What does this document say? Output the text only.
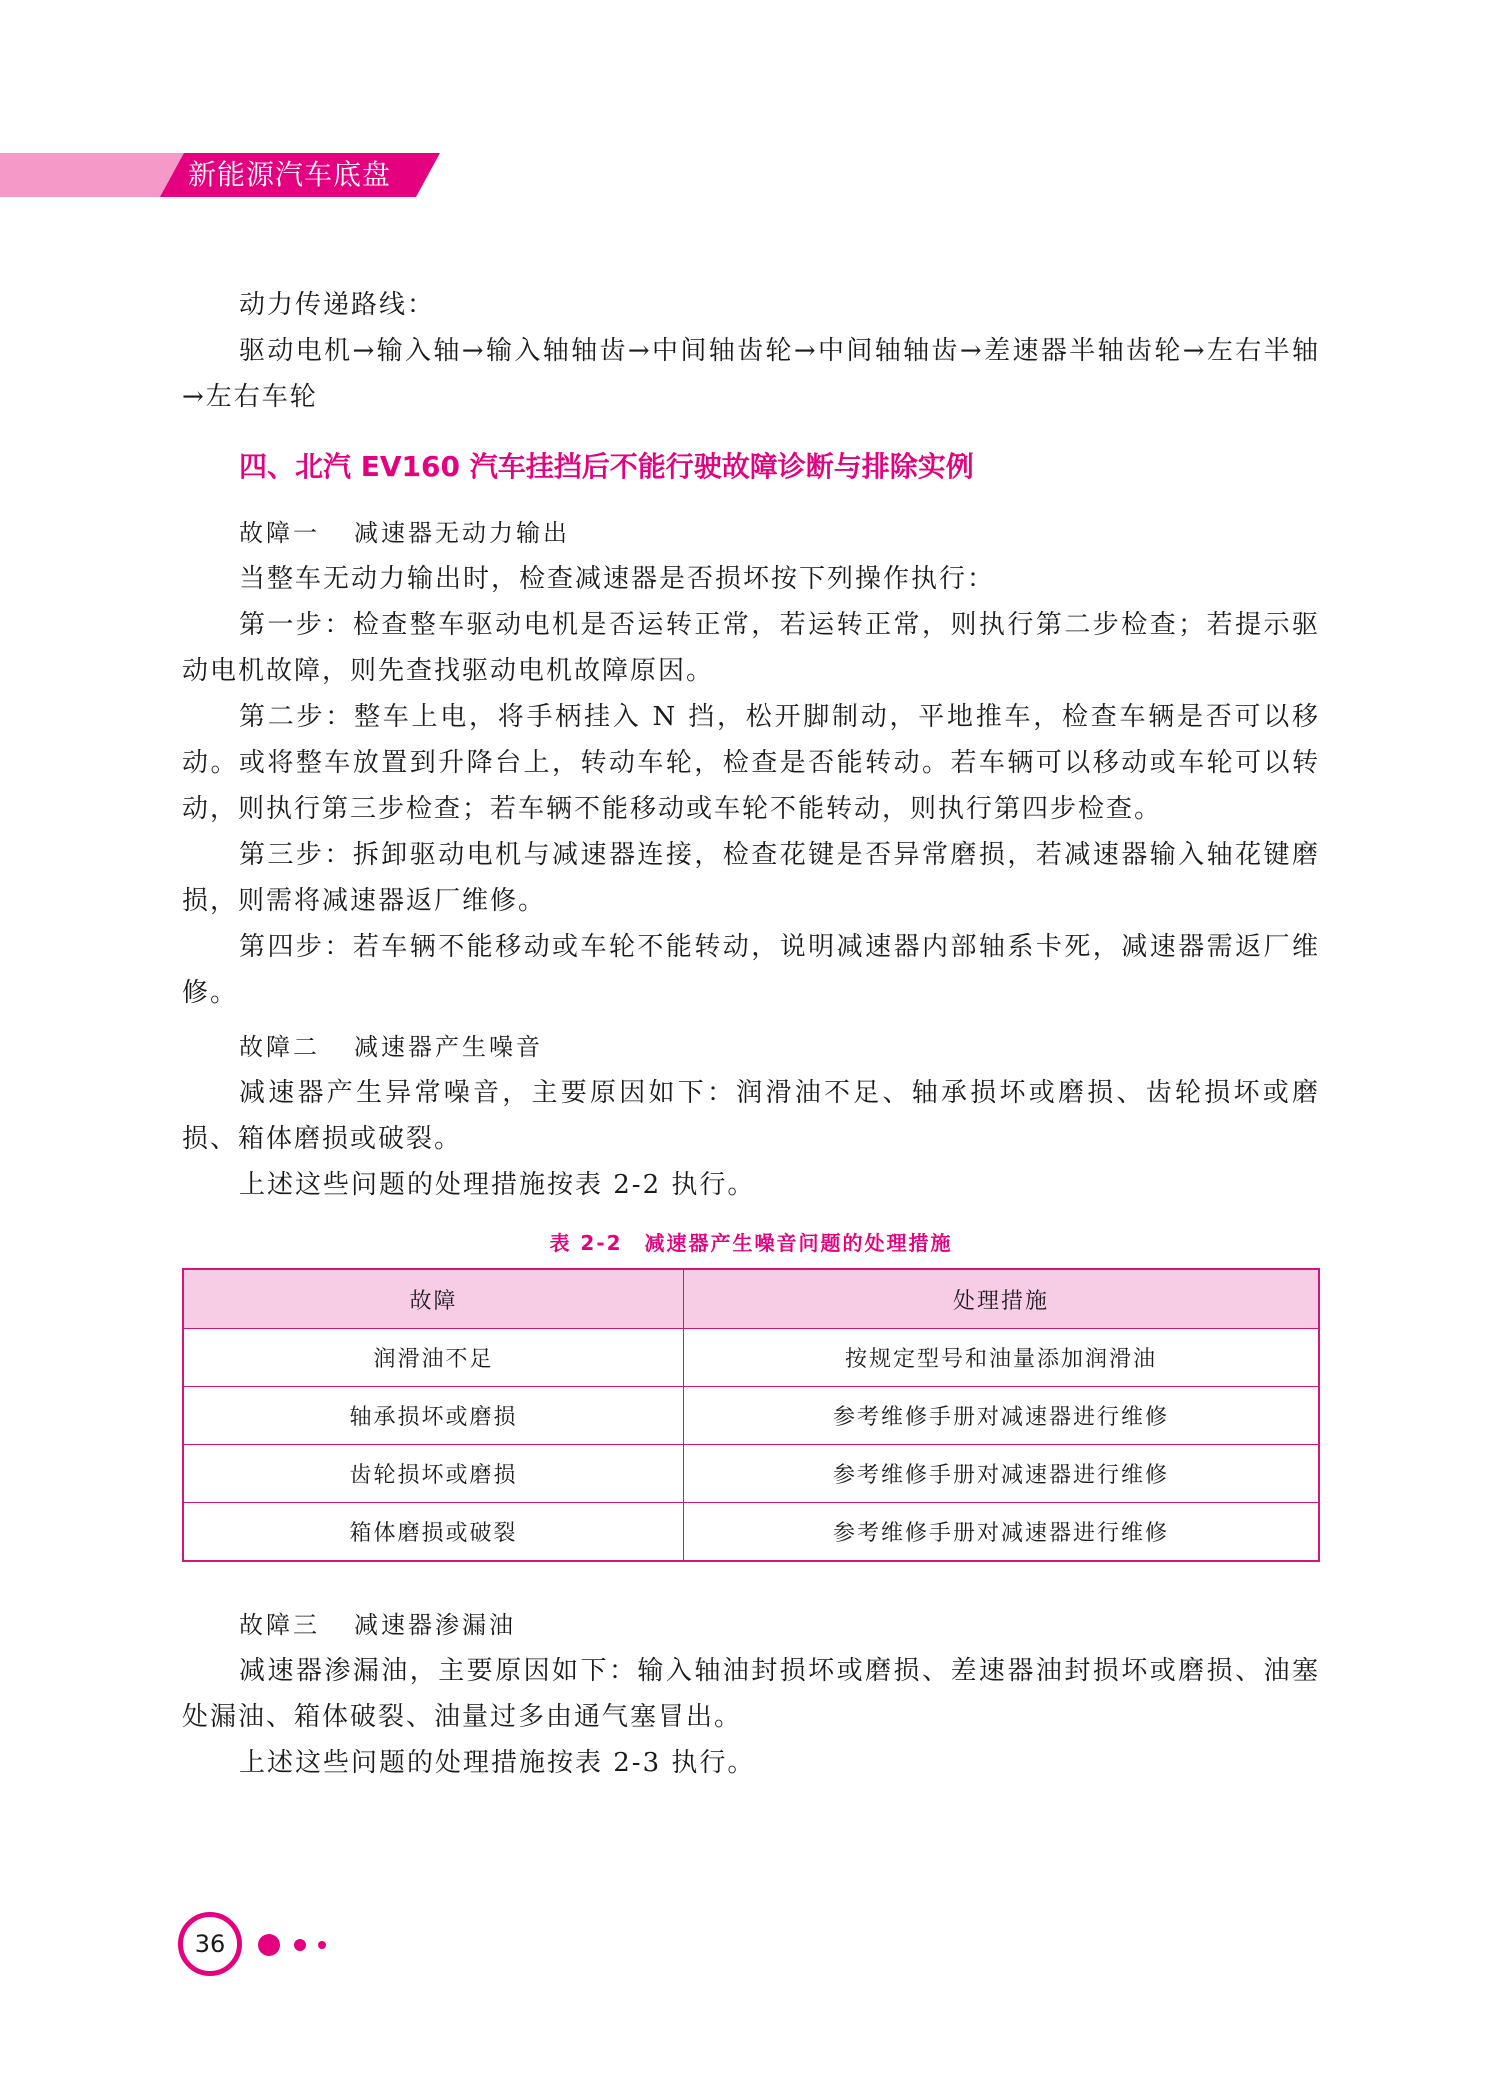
新能源汽车底盘

动力传递路线：

驱动电机→输入轴→输入轴轴齿→中间轴齿轮→中间轴轴齿→差速器半轴齿轮→左右半轴→左右车轮

四、北汽 EV160 汽车挂挡后不能行驶故障诊断与排除实例
故障一 减速器无动力输出

当整车无动力输出时，检查减速器是否损坏按下列操作执行：

第一步：检查整车驱动电机是否运转正常，若运转正常，则执行第二步检查；若提示驱动电机故障，则先查找驱动电机故障原因。

第二步：整车上电，将手柄挂入 N 挡，松开脚制动，平地推车，检查车辆是否可以移动。或将整车放置到升降台上，转动车轮，检查是否能转动。若车辆可以移动或车轮可以转动，则执行第三步检查；若车辆不能移动或车轮不能转动，则执行第四步检查。

第三步：拆卸驱动电机与减速器连接，检查花键是否异常磨损，若减速器输入轴花键磨损，则需将减速器返厂维修。

第四步：若车辆不能移动或车轮不能转动，说明减速器内部轴系卡死，减速器需返厂维修。

故障二 减速器产生噪音

减速器产生异常噪音，主要原因如下：润滑油不足、轴承损坏或磨损、齿轮损坏或磨损、箱体磨损或破裂。

上述这些问题的处理措施按表 2-2 执行。

表 2-2　减速器产生噪音问题的处理措施
故障	处理措施
润滑油不足	按规定型号和油量添加润滑油
轴承损坏或磨损	参考维修手册对减速器进行维修
齿轮损坏或磨损	参考维修手册对减速器进行维修
箱体磨损或破裂	参考维修手册对减速器进行维修
故障三 减速器渗漏油

减速器渗漏油，主要原因如下：输入轴油封损坏或磨损、差速器油封损坏或磨损、油塞处漏油、箱体破裂、油量过多由通气塞冒出。

上述这些问题的处理措施按表 2-3 执行。

36
